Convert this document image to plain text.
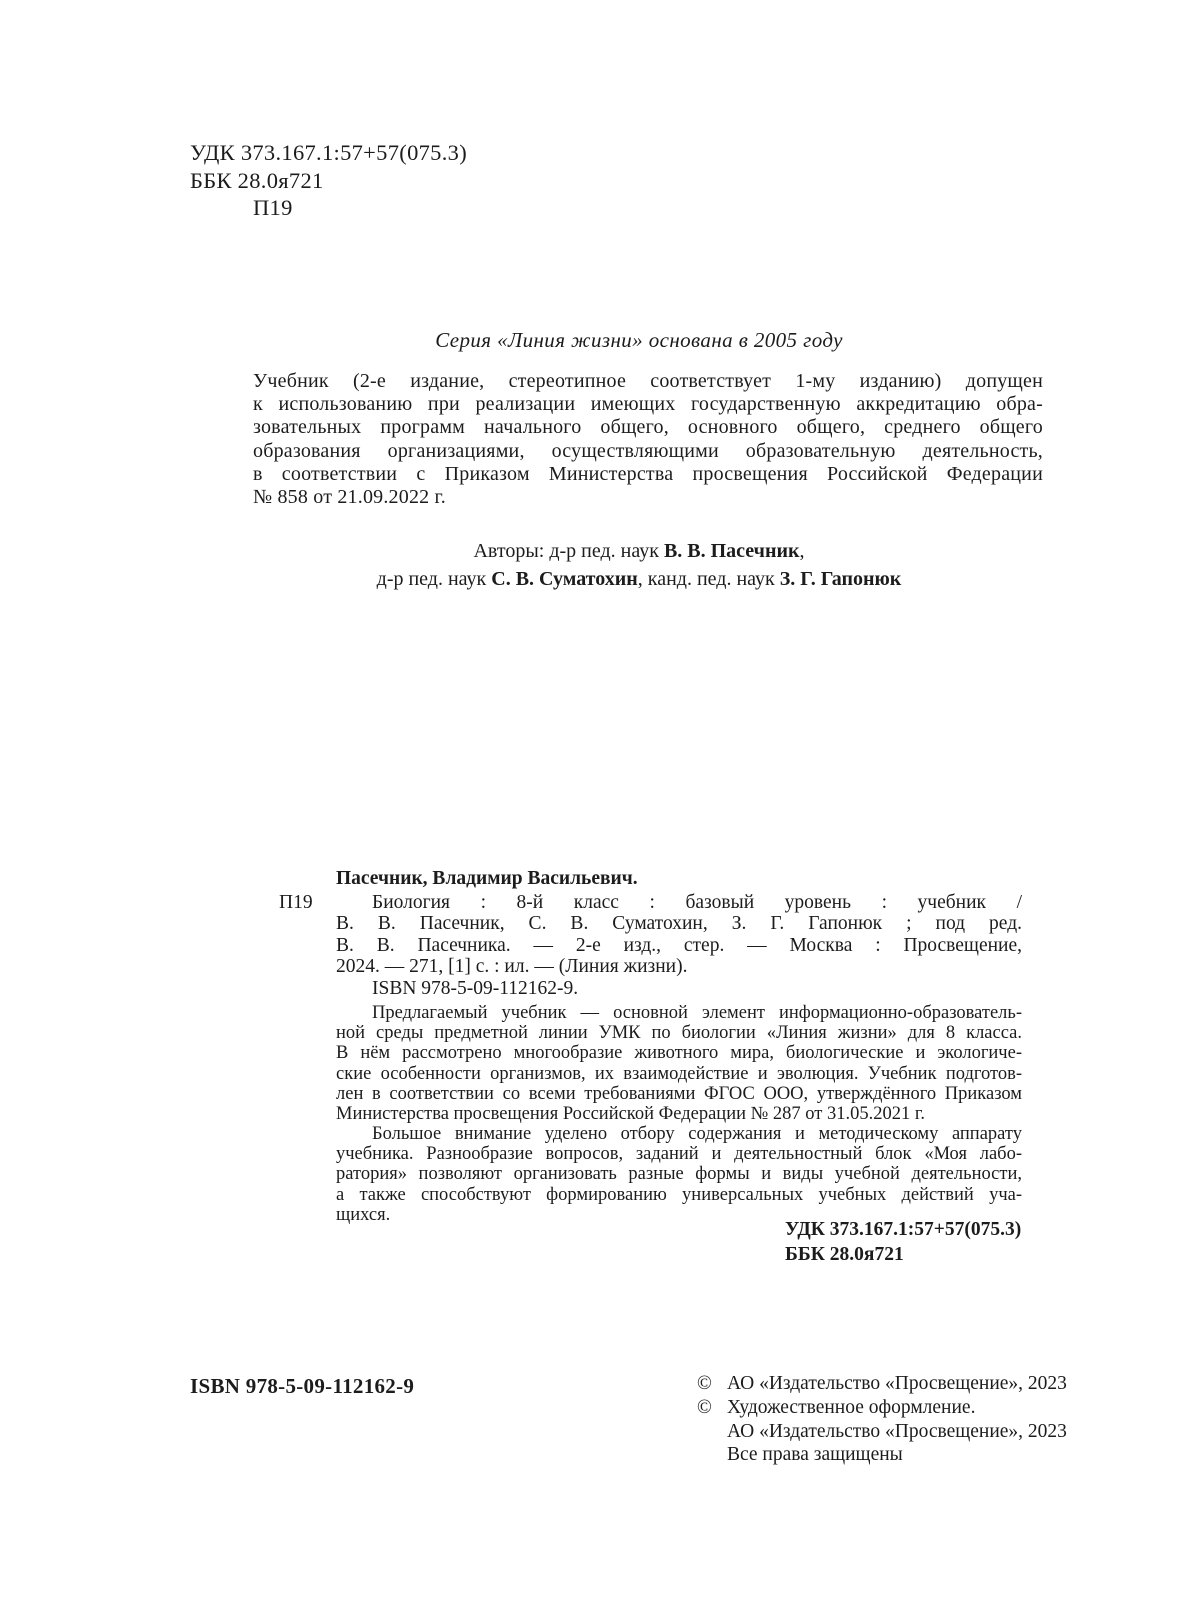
УДК 373.167.1:57+57(075.3)
ББК 28.0я721
П19
Серия «Линия жизни» основана в 2005 году
Учебник (2-е издание, стереотипное соответствует 1-му изданию) допущен
к использованию при реализации имеющих государственную аккредитацию обра-
зовательных программ начального общего, основного общего, среднего общего
образования организациями, осуществляющими образовательную деятельность,
в соответствии с Приказом Министерства просвещения Российской Федерации
№ 858 от 21.09.2022 г.
Авторы: д-р пед. наук В. В. Пасечник,
д-р пед. наук С. В. Суматохин, канд. пед. наук З. Г. Гапонюк
П19
Пасечник, Владимир Васильевич.
Биология : 8-й класс : базовый уровень : учебник /
В. В. Пасечник, С. В. Суматохин, З. Г. Гапонюк ; под ред.
В. В. Пасечника. — 2-е изд., стер. — Москва : Просвещение,
2024. — 271, [1] с. : ил. — (Линия жизни).
ISBN 978-5-09-112162-9.
Предлагаемый учебник — основной элемент информационно-образователь-
ной среды предметной линии УМК по биологии «Линия жизни» для 8 класса.
В нём рассмотрено многообразие животного мира, биологические и экологиче-
ские особенности организмов, их взаимодействие и эволюция. Учебник подготов-
лен в соответствии со всеми требованиями ФГОС ООО, утверждённого Приказом
Министерства просвещения Российской Федерации № 287 от 31.05.2021 г.
Большое внимание уделено отбору содержания и методическому аппарату
учебника. Разнообразие вопросов, заданий и деятельностный блок «Моя лабо-
ратория» позволяют организовать разные формы и виды учебной деятельности,
а также способствуют формированию универсальных учебных действий уча-
щихся.
УДК 373.167.1:57+57(075.3)
ББК 28.0я721
ISBN 978-5-09-112162-9	© АО «Издательство «Просвещение», 2023
© Художественное оформление.
АО «Издательство «Просвещение», 2023
Все права защищены
